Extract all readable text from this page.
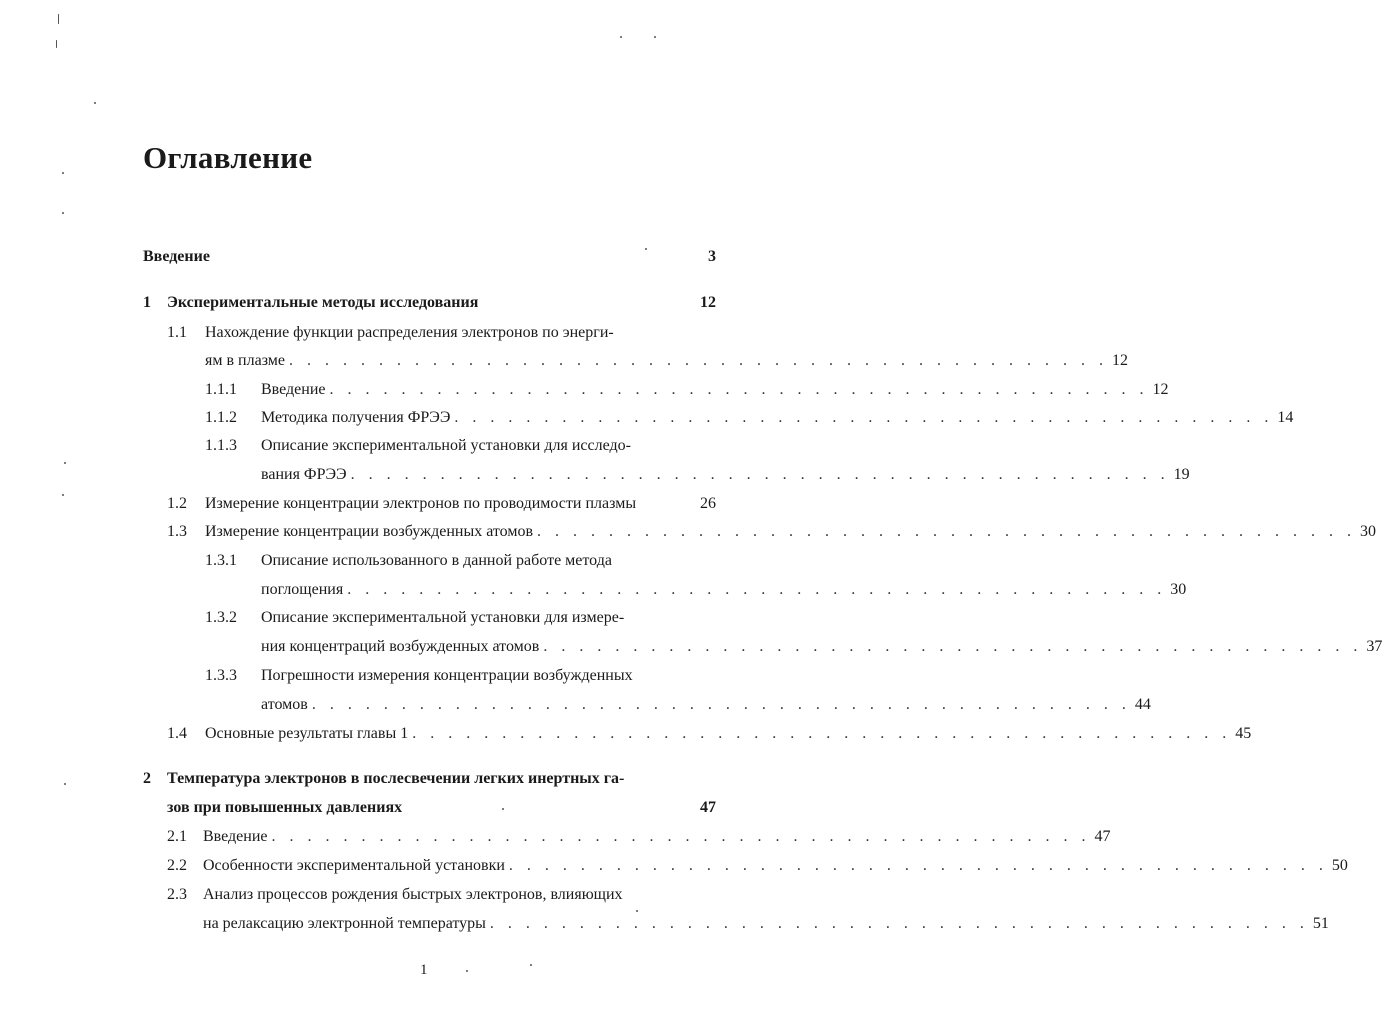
Оглавление
Введение	3
1	Экспериментальные методы исследования	12
1.1	Нахождение функции распределения электронов по энерги-
ям в плазме . . . . . . . . . . . . . . . . . . . . . . . . . . . . . . . . . . . . . . . . . . . . . . 12
1.1.1	Введение . . . . . . . . . . . . . . . . . . . . . . . . . . . . . . . . . . . . . . . . . . . . . . 12
1.1.2	Методика получения ФРЭЭ . . . . . . . . . . . . . . . . . . . . . . . . . . . . . . . . . . . . . . . . . . . . . . 14
1.1.3	Описание экспериментальной установки для исследо-
вания ФРЭЭ . . . . . . . . . . . . . . . . . . . . . . . . . . . . . . . . . . . . . . . . . . . . . . 19
1.2	Измерение концентрации электронов по проводимости плазмы	26
1.3	Измерение концентрации возбужденных атомов . . . . . . . . . . . . . . . . . . . . . . . . . . . . . . . . . . . . . . . . . . . . . . 30
1.3.1	Описание использованного в данной работе метода
поглощения . . . . . . . . . . . . . . . . . . . . . . . . . . . . . . . . . . . . . . . . . . . . . . 30
1.3.2	Описание экспериментальной установки для измере-
ния концентраций возбужденных атомов . . . . . . . . . . . . . . . . . . . . . . . . . . . . . . . . . . . . . . . . . . . . . . 37
1.3.3	Погрешности измерения концентрации возбужденных
атомов . . . . . . . . . . . . . . . . . . . . . . . . . . . . . . . . . . . . . . . . . . . . . . 44
1.4	Основные результаты главы 1 . . . . . . . . . . . . . . . . . . . . . . . . . . . . . . . . . . . . . . . . . . . . . . 45
2	Температура электронов в послесвечении легких инертных га-
зов при повышенных давлениях	47
2.1	Введение . . . . . . . . . . . . . . . . . . . . . . . . . . . . . . . . . . . . . . . . . . . . . . 47
2.2	Особенности экспериментальной установки . . . . . . . . . . . . . . . . . . . . . . . . . . . . . . . . . . . . . . . . . . . . . . 50
2.3	Анализ процессов рождения быстрых электронов, влияющих
на релаксацию электронной температуры . . . . . . . . . . . . . . . . . . . . . . . . . . . . . . . . . . . . . . . . . . . . . . 51
1
